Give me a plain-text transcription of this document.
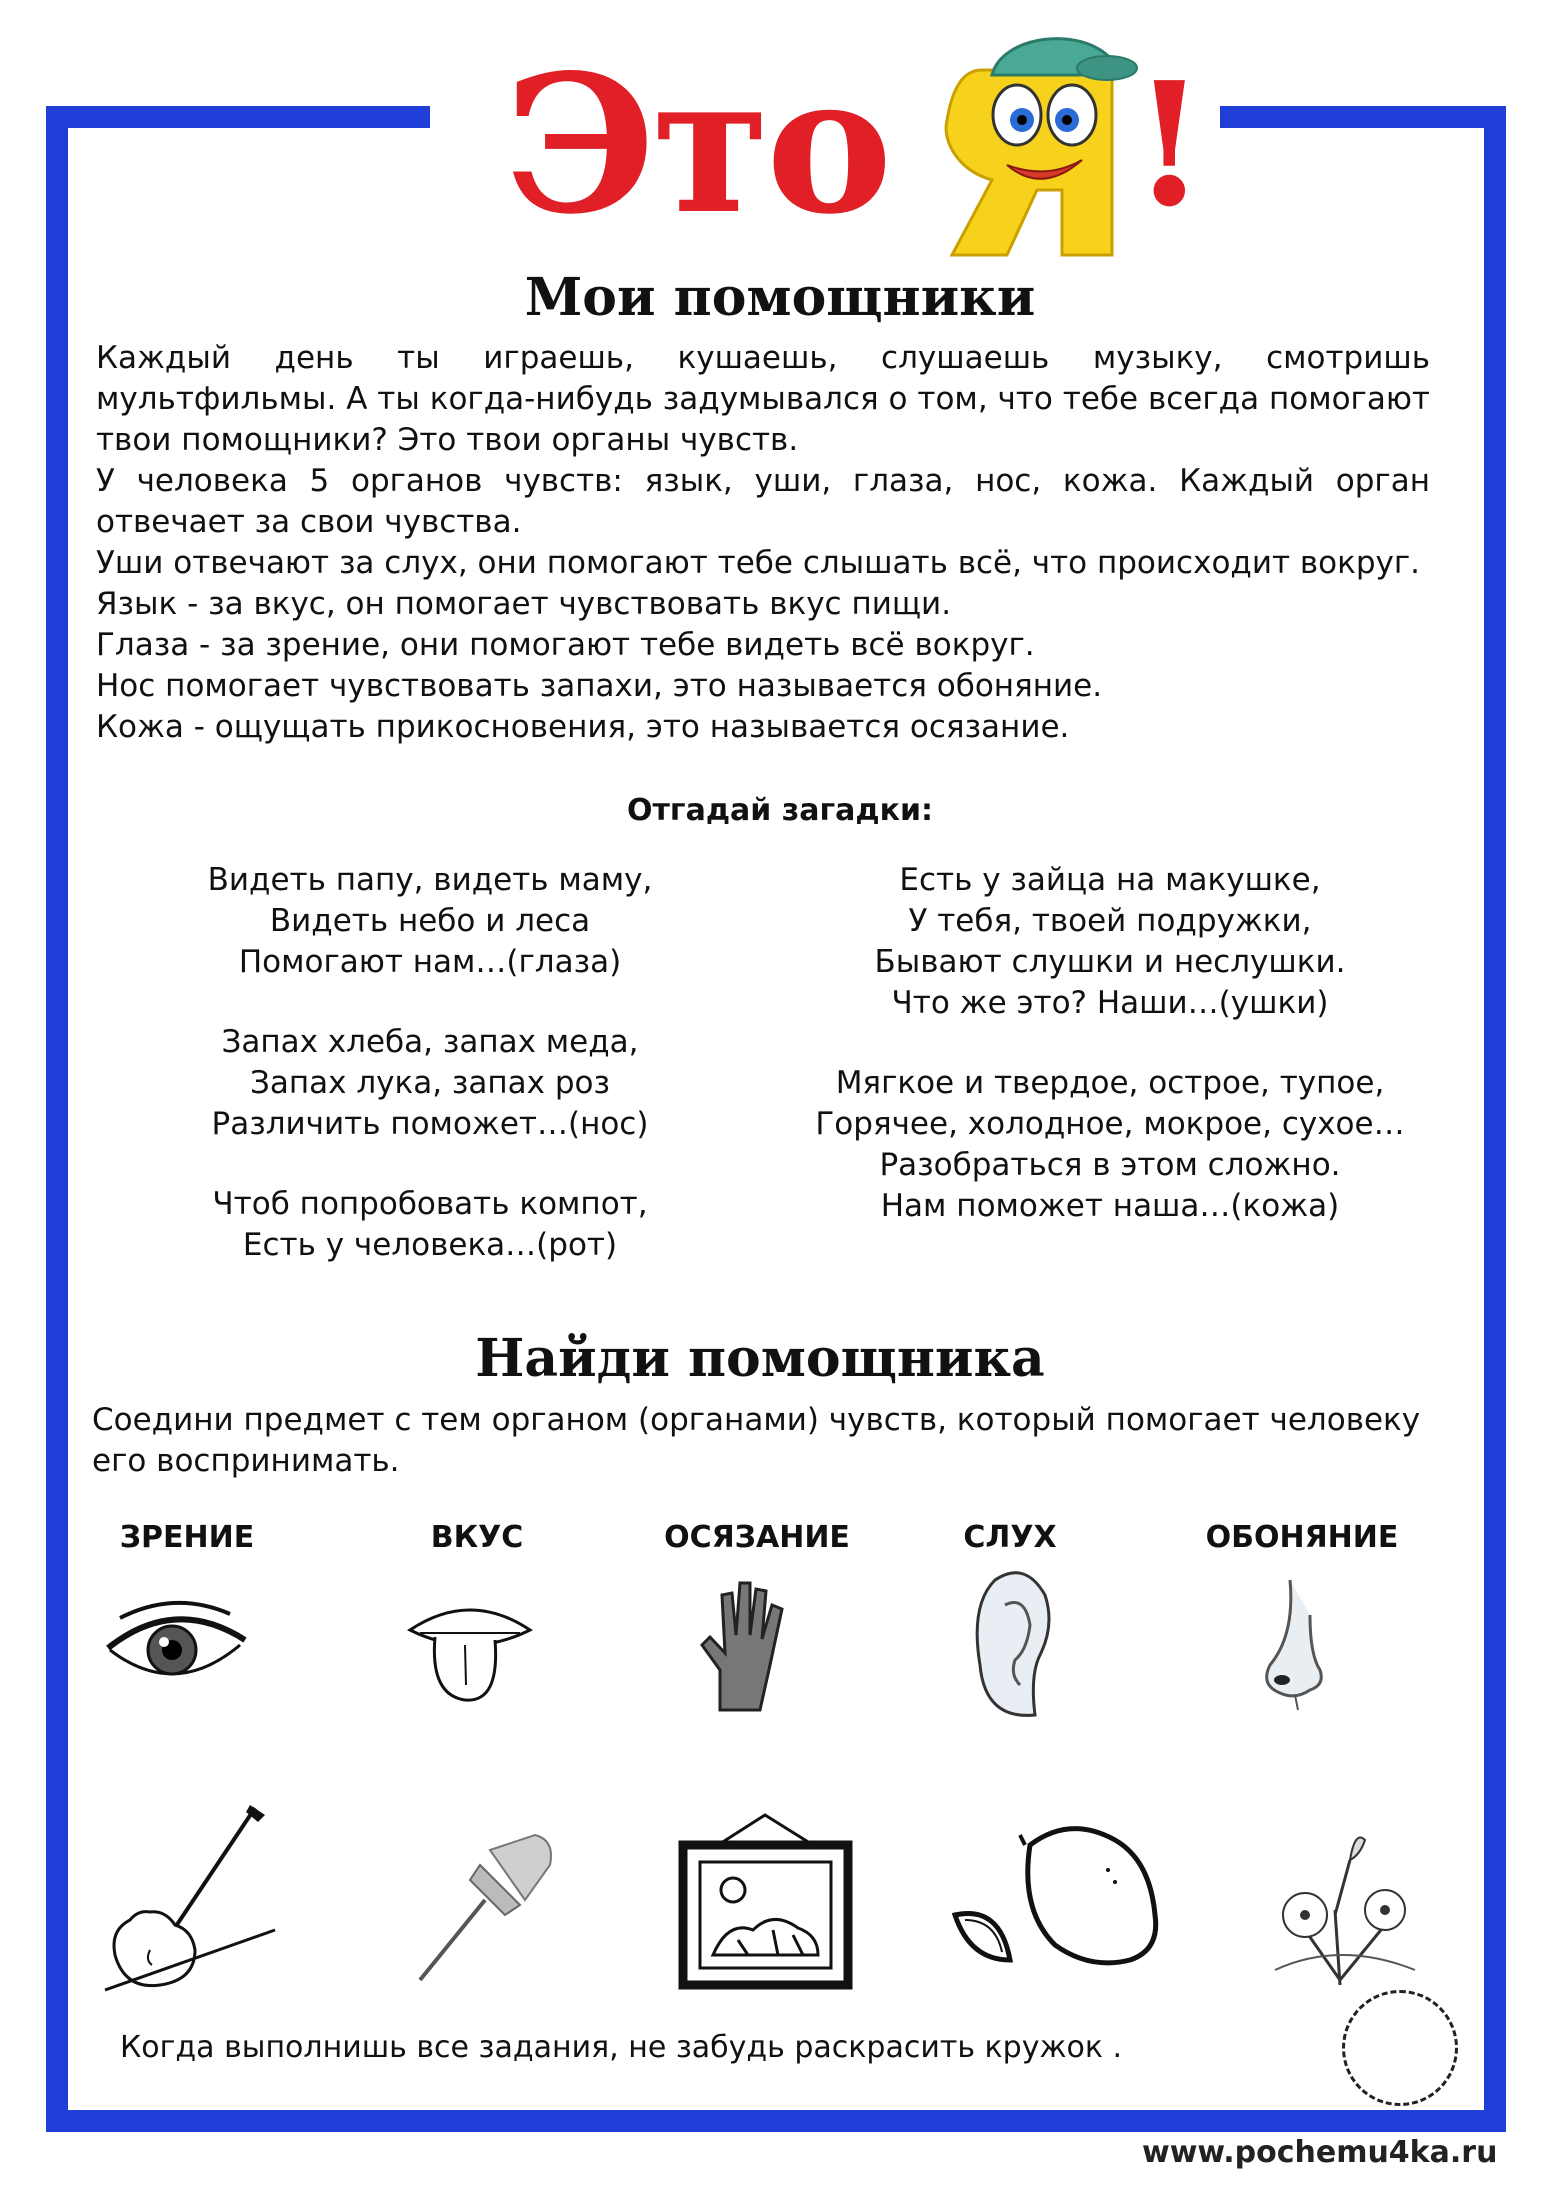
Это !
Мои помощники

Каждый день ты играешь, кушаешь, слушаешь музыку, смотришь мультфильмы. А ты когда-нибудь задумывался о том, что тебе всегда помогают твои помощники? Это твои органы чувств.

У человека 5 органов чувств: язык, уши, глаза, нос, кожа. Каждый орган отвечает за свои чувства.

Уши отвечают за слух, они помогают тебе слышать всё, что происходит вокруг.

Язык - за вкус, он помогает чувствовать вкус пищи.

Глаза - за зрение, они помогают тебе видеть всё вокруг.

Нос помогает чувствовать запахи, это называется обоняние.

Кожа - ощущать прикосновения, это называется осязание.

Отгадай загадки:
Видеть папу, видеть маму,
Видеть небо и леса
Помогают нам…(глаза)
Запах хлеба, запах меда,
Запах лука, запах роз
Различить поможет…(нос)
Чтоб попробовать компот,
Есть у человека…(рот)
Есть у зайца на макушке,
У тебя, твоей подружки,
Бывают слушки и неслушки.
Что же это? Наши…(ушки)
Мягкое и твердое, острое, тупое,
Горячее, холодное, мокрое, сухое…
Разобраться в этом сложно.
Нам поможет наша…(кожа)
Найди помощника
Соедини предмет с тем органом (органами) чувств, который помогает человеку его воспринимать.
ЗРЕНИЕ	ВКУС	ОСЯЗАНИЕ	СЛУХ	ОБОНЯНИЕ
Когда выполнишь все задания, не забудь раскрасить кружок .
www.pochemu4ka.ru
